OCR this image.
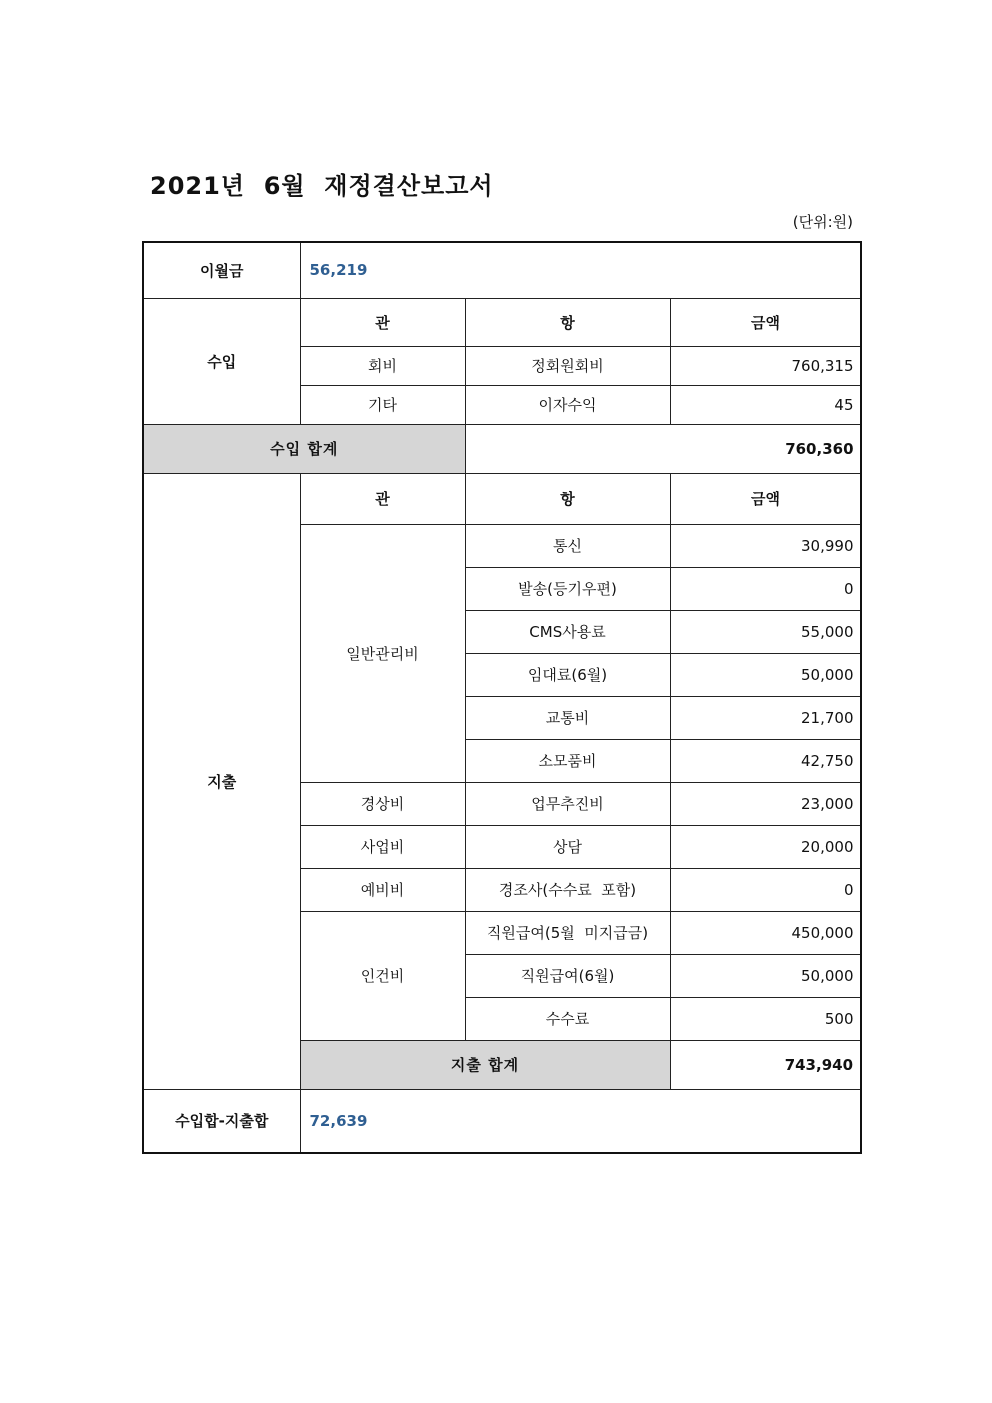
2021년  6월  재정결산보고서
(단위:원)
이월금	56,219		
수입	관	항	금액
	회비	정회원회비	760,315
	기타	이자수익	45
수입 합계		760,360	
지출	관	항	금액
	일반관리비	통신	30,990
		발송(등기우편)	0
		CMS사용료	55,000
		임대료(6월)	50,000
		교통비	21,700
		소모품비	42,750
	경상비	업무추진비	23,000
	사업비	상담	20,000
	예비비	경조사(수수료  포함)	0
	인건비	직원급여(5월  미지급금)	450,000
		직원급여(6월)	50,000
		수수료	500
	지출 합계		743,940
수입합-지출합	72,639		
